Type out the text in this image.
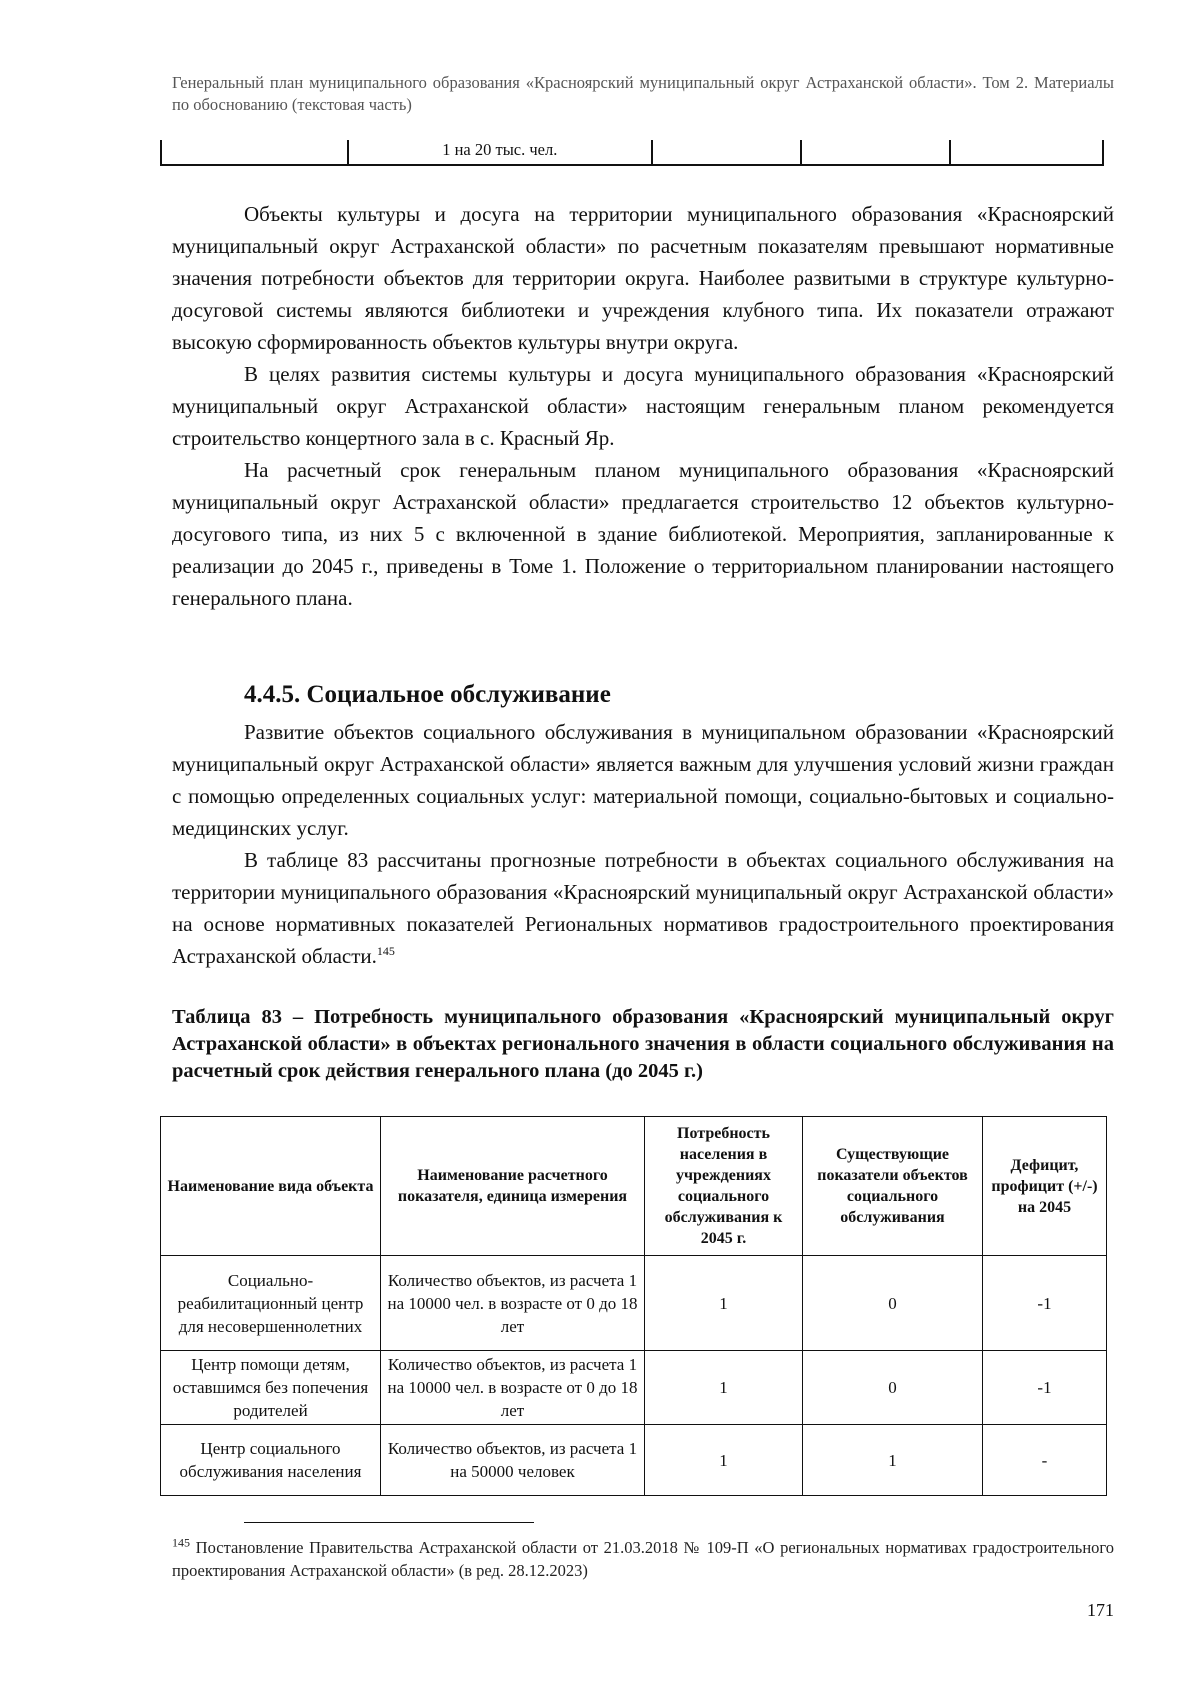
Генеральный план муниципального образования «Красноярский муниципальный округ Астраханской области». Том 2. Материалы по обоснованию (текстовая часть)
	1 на 20 тыс. чел.			

Объекты культуры и досуга на территории муниципального образования «Красноярский муниципальный округ Астраханской области» по расчетным показателям превышают нормативные значения потребности объектов для территории округа. Наиболее развитыми в структуре культурно-досуговой системы являются библиотеки и учреждения клубного типа. Их показатели отражают высокую сформированность объектов культуры внутри округа.

В целях развития системы культуры и досуга муниципального образования «Красноярский муниципальный округ Астраханской области» настоящим генеральным планом рекомендуется строительство концертного зала в с. Красный Яр.

На расчетный срок генеральным планом муниципального образования «Красноярский муниципальный округ Астраханской области» предлагается строительство 12 объектов культурно-досугового типа, из них 5 с включенной в здание библиотекой. Мероприятия, запланированные к реализации до 2045 г., приведены в Томе 1. Положение о территориальном планировании настоящего генерального плана.

4.4.5. Социальное обслуживание

Развитие объектов социального обслуживания в муниципальном образовании «Красноярский муниципальный округ Астраханской области» является важным для улучшения условий жизни граждан с помощью определенных социальных услуг: материальной помощи, социально-бытовых и социально-медицинских услуг.

В таблице 83 рассчитаны прогнозные потребности в объектах социального обслуживания на территории муниципального образования «Красноярский муниципальный округ Астраханской области» на основе нормативных показателей Региональных нормативов градостроительного проектирования Астраханской области.$^{145}$

Таблица 83 – Потребность муниципального образования «Красноярский муниципальный округ Астраханской области» в объектах регионального значения в области социального обслуживания на расчетный срок действия генерального плана (до 2045 г.)

Наименование вида объекта	Наименование расчетного показателя, единица измерения	Потребность населения в учреждениях социального обслуживания к 2045 г.	Существующие показатели объектов социального обслуживания	Дефицит, профицит (+/-) на 2045
Социально-реабилитационный центр для несовершеннолетних	Количество объектов, из расчета 1 на 10000 чел. в возрасте от 0 до 18 лет	1	0	-1
Центр помощи детям, оставшимся без попечения родителей	Количество объектов, из расчета 1 на 10000 чел. в возрасте от 0 до 18 лет	1	0	-1
Центр социального обслуживания населения	Количество объектов, из расчета 1 на 50000 человек	1	1	-

$^{145}$ Постановление Правительства Астраханской области от 21.03.2018 № 109-П «О региональных нормативах градостроительного проектирования Астраханской области» (в ред. 28.12.2023)

171
